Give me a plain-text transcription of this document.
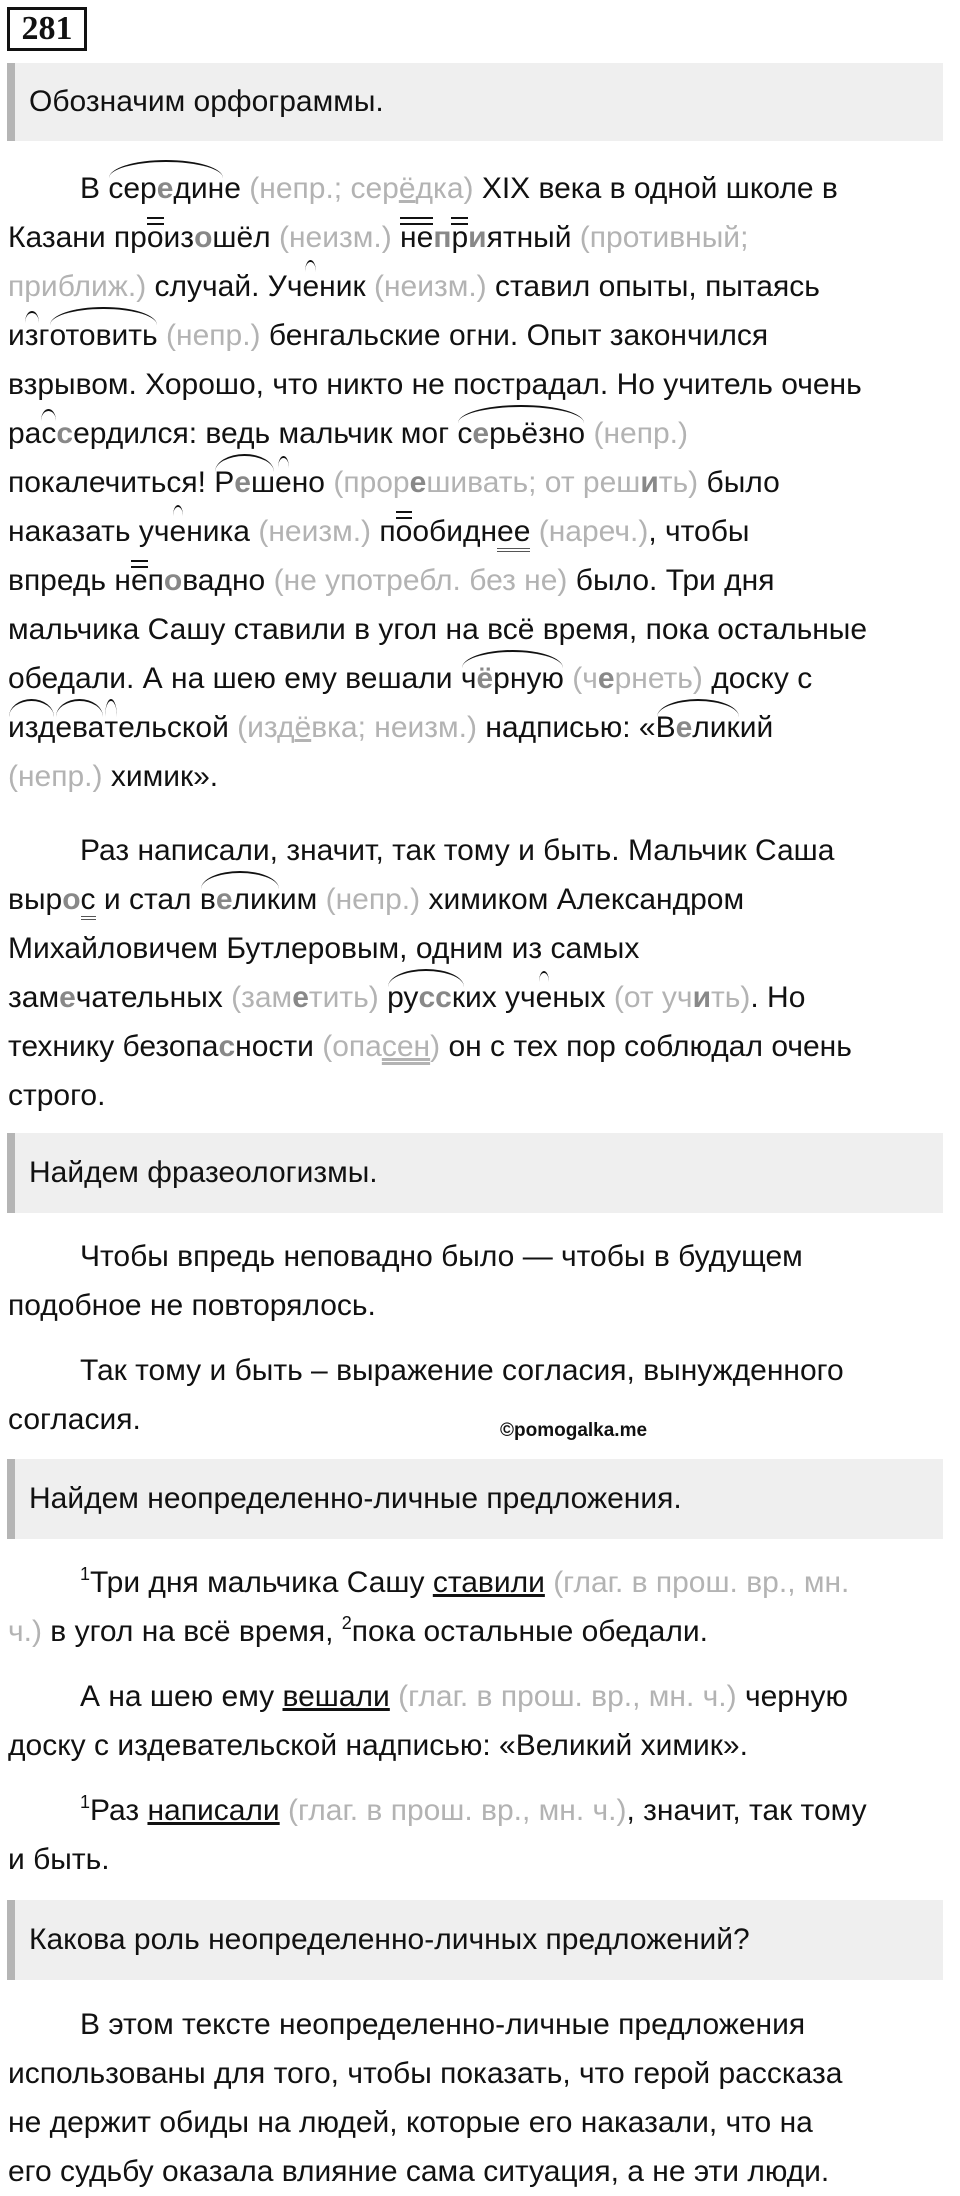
281
Обозначим орфограммы.
В середине (непр.; серёдка) XIX века в одной школе в
Казани произошёл (неизм.) неприятный (противный;
приближ.) случай. Ученик (неизм.) ставил опыты, пытаясь
изготовить (непр.) бенгальские огни. Опыт закончился
взрывом. Хорошо, что никто не пострадал. Но учитель очень
рассердился: ведь мальчик мог серьёзно (непр.)
покалечиться! Решено (прорешивать; от решить) было
наказать ученика (неизм.) пообиднее (нареч.), чтобы
впредь неповадно (не употребл. без не) было. Три дня
мальчика Сашу ставили в угол на всё время, пока остальные
обедали. А на шею ему вешали чёрную (чернеть) доску с
издевательской (издёвка; неизм.) надписью: «Великий
(непр.) химик».
Раз написали, значит, так тому и быть. Мальчик Саша
вырос и стал великим (непр.) химиком Александром
Михайловичем Бутлеровым, одним из самых
замечательных (заметить) русских ученых (от учить). Но
технику безопасности (опасен) он с тех пор соблюдал очень
строго.
Найдем фразеологизмы.
Чтобы впредь неповадно было — чтобы в будущем
подобное не повторялось.
Так тому и быть – выражение согласия, вынужденного
согласия.	©pomogalka.me
Найдем неопределенно-личные предложения.
$^1$Три дня мальчика Сашу ставили (глаг. в прош. вр., мн.
ч.) в угол на всё время, $^2$пока остальные обедали.
А на шею ему вешали (глаг. в прош. вр., мн. ч.) черную
доску с издевательской надписью: «Великий химик».
$^1$Раз написали (глаг. в прош. вр., мн. ч.), значит, так тому
и быть.
Какова роль неопределенно-личных предложений?
В этом тексте неопределенно-личные предложения
использованы для того, чтобы показать, что герой рассказа
не держит обиды на людей, которые его наказали, что на
его судьбу оказала влияние сама ситуация, а не эти люди.
